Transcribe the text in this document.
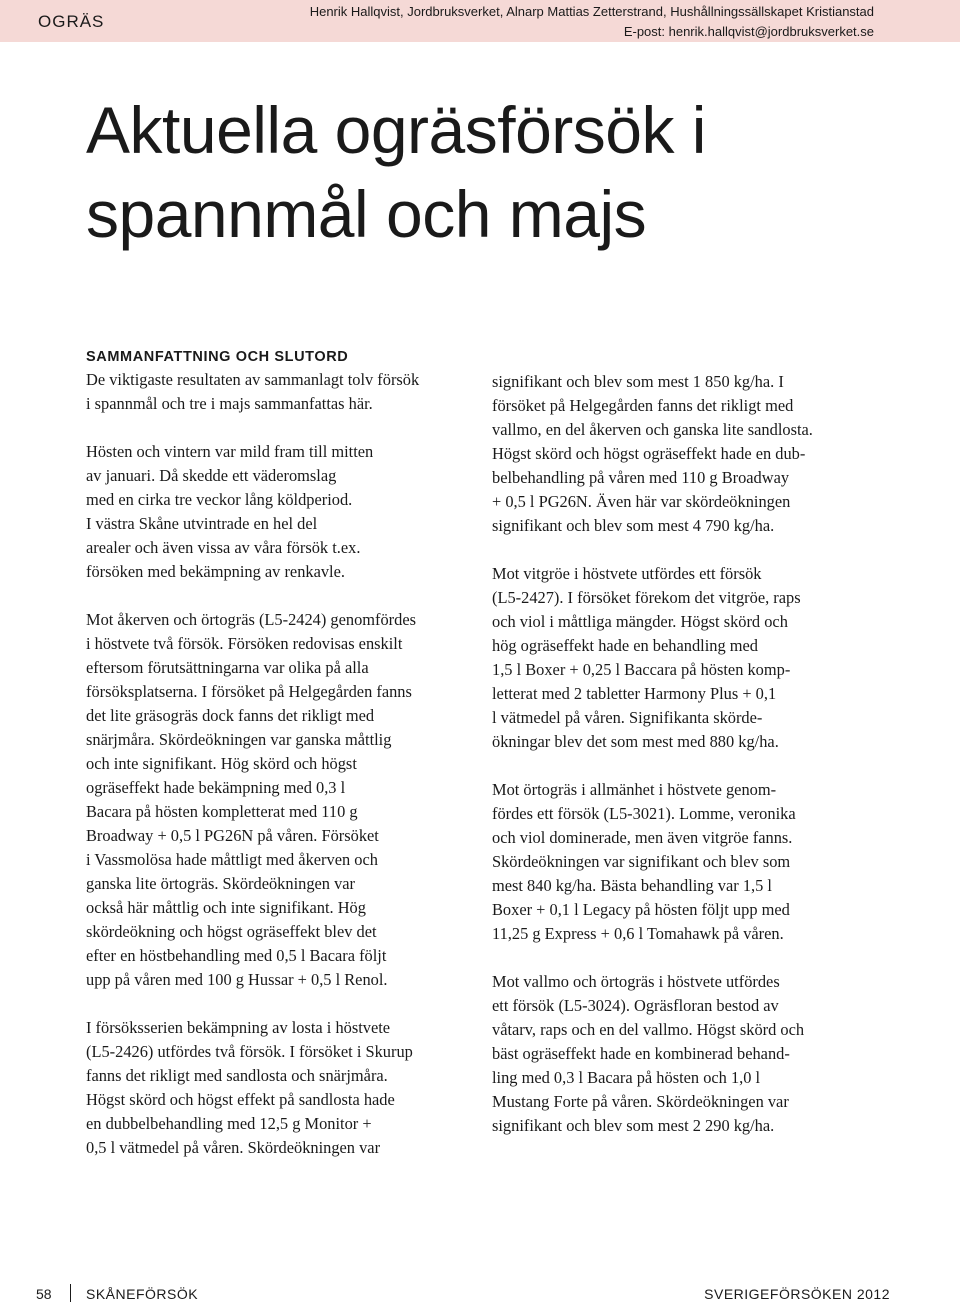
OGRÄS
Henrik Hallqvist, Jordbruksverket, Alnarp Mattias Zetterstrand, Hushållningssällskapet Kristianstad
E-post: henrik.hallqvist@jordbruksverket.se
Aktuella ogräsförsök i spannmål och majs
SAMMANFATTNING OCH SLUTORD

De viktigaste resultaten av sammanlagt tolv försök
i spannmål och tre i majs sammanfattas här.

Hösten och vintern var mild fram till mitten
av januari. Då skedde ett väderomslag
med en cirka tre veckor lång köldperiod.
I västra Skåne utvintrade en hel del
arealer och även vissa av våra försök t.ex.
försöken med bekämpning av renkavle.

Mot åkerven och örtogräs (L5-2424) genomfördes
i höstvete två försök. Försöken redovisas enskilt
eftersom förutsättningarna var olika på alla
försöksplatserna. I försöket på Helgegården fanns
det lite gräsogräs dock fanns det rikligt med
snärjmåra. Skördeökningen var ganska måttlig
och inte signifikant. Hög skörd och högst
ogräseffekt hade bekämpning med 0,3 l
Bacara på hösten kompletterat med 110 g
Broadway + 0,5 l PG26N på våren. Försöket
i Vassmolösa hade måttligt med åkerven och
ganska lite örtogräs. Skördeökningen var
också här måttlig och inte signifikant. Hög
skördeökning och högst ogräseffekt blev det
efter en höstbehandling med 0,5 l Bacara följt
upp på våren med 100 g Hussar + 0,5 l Renol.

I försöksserien bekämpning av losta i höstvete
(L5-2426) utfördes två försök. I försöket i Skurup
fanns det rikligt med sandlosta och snärjmåra.
Högst skörd och högst effekt på sandlosta hade
en dubbelbehandling med 12,5 g Monitor +
0,5 l vätmedel på våren. Skördeökningen var

signifikant och blev som mest 1 850 kg/ha. I
försöket på Helgegården fanns det rikligt med
vallmo, en del åkerven och ganska lite sandlosta.
Högst skörd och högst ogräseffekt hade en dub-
belbehandling på våren med 110 g Broadway
+ 0,5 l PG26N. Även här var skördeökningen
signifikant och blev som mest 4 790 kg/ha.

Mot vitgröe i höstvete utfördes ett försök
(L5-2427). I försöket förekom det vitgröe, raps
och viol i måttliga mängder. Högst skörd och
hög ogräseffekt hade en behandling med
1,5 l Boxer + 0,25 l Baccara på hösten komp-
letterat med 2 tabletter Harmony Plus + 0,1
l vätmedel på våren. Signifikanta skörde-
ökningar blev det som mest med 880 kg/ha.

Mot örtogräs i allmänhet i höstvete genom-
fördes ett försök (L5-3021). Lomme, veronika
och viol dominerade, men även vitgröe fanns.
Skördeökningen var signifikant och blev som
mest 840 kg/ha. Bästa behandling var 1,5 l
Boxer + 0,1 l Legacy på hösten följt upp med
11,25 g Express + 0,6 l Tomahawk på våren.

Mot vallmo och örtogräs i höstvete utfördes
ett försök (L5-3024). Ogräsfloran bestod av
våtarv, raps och en del vallmo. Högst skörd och
bäst ogräseffekt hade en kombinerad behand-
ling med 0,3 l Bacara på hösten och 1,0 l
Mustang Forte på våren. Skördeökningen var
signifikant och blev som mest 2 290 kg/ha.

58 SKÅNEFÖRSÖK	SVERIGEFÖRSÖKEN 2012
